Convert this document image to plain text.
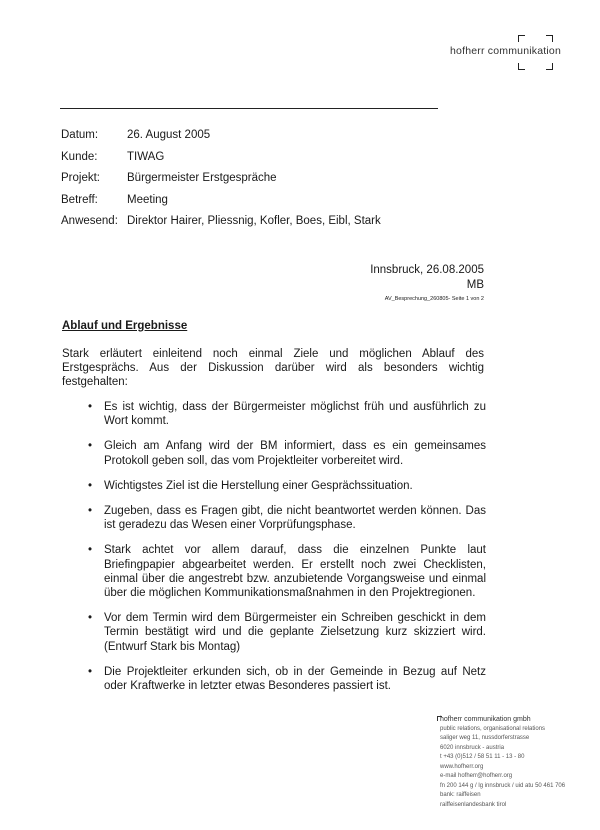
hofherr communikation
Datum:	26. August 2005
Kunde:	TIWAG
Projekt:	Bürgermeister Erstgespräche
Betreff:	Meeting
Anwesend: Direktor Hairer, Pliessnig, Kofler, Boes, Eibl, Stark
Innsbruck, 26.08.2005
MB
AV_Besprechung_260805- Seite 1 von 2
Ablauf und Ergebnisse
Stark erläutert einleitend noch einmal Ziele und möglichen Ablauf des Erstgesprächs. Aus der Diskussion darüber wird als besonders wichtig festgehalten:
• Es ist wichtig, dass der Bürgermeister möglichst früh und ausführlich zu Wort kommt.
• Gleich am Anfang wird der BM informiert, dass es ein gemeinsames Protokoll geben soll, das vom Projektleiter vorbereitet wird.
• Wichtigstes Ziel ist die Herstellung einer Gesprächssituation.
• Zugeben, dass es Fragen gibt, die nicht beantwortet werden können. Das ist geradezu das Wesen einer Vorprüfungsphase.
• Stark achtet vor allem darauf, dass die einzelnen Punkte laut Briefingpapier abgearbeitet werden. Er erstellt noch zwei Checklisten, einmal über die angestrebt bzw. anzubietende Vorgangsweise und einmal über die möglichen Kommunikationsmaßnahmen in den Projektregionen.
• Vor dem Termin wird dem Bürgermeister ein Schreiben geschickt in dem Termin bestätigt wird und die geplante Zielsetzung kurz skizziert wird. (Entwurf Stark bis Montag)
• Die Projektleiter erkunden sich, ob in der Gemeinde in Bezug auf Netz oder Kraftwerke in letzter etwas Besonderes passiert ist.
hofherr communikation gmbh
public relations, organisational relations
saliger weg 11, nussdorferstrasse
6020 innsbruck - austria
t +43 (0)512 / 58 51 11 - 13 - 80
www.hofherr.org
e-mail hofherr@hofherr.org
fn 200 144 g / lg innsbruck / uid atu 50 461 706
bank: raiffeisen
raiffeisenlandesbank tirol
